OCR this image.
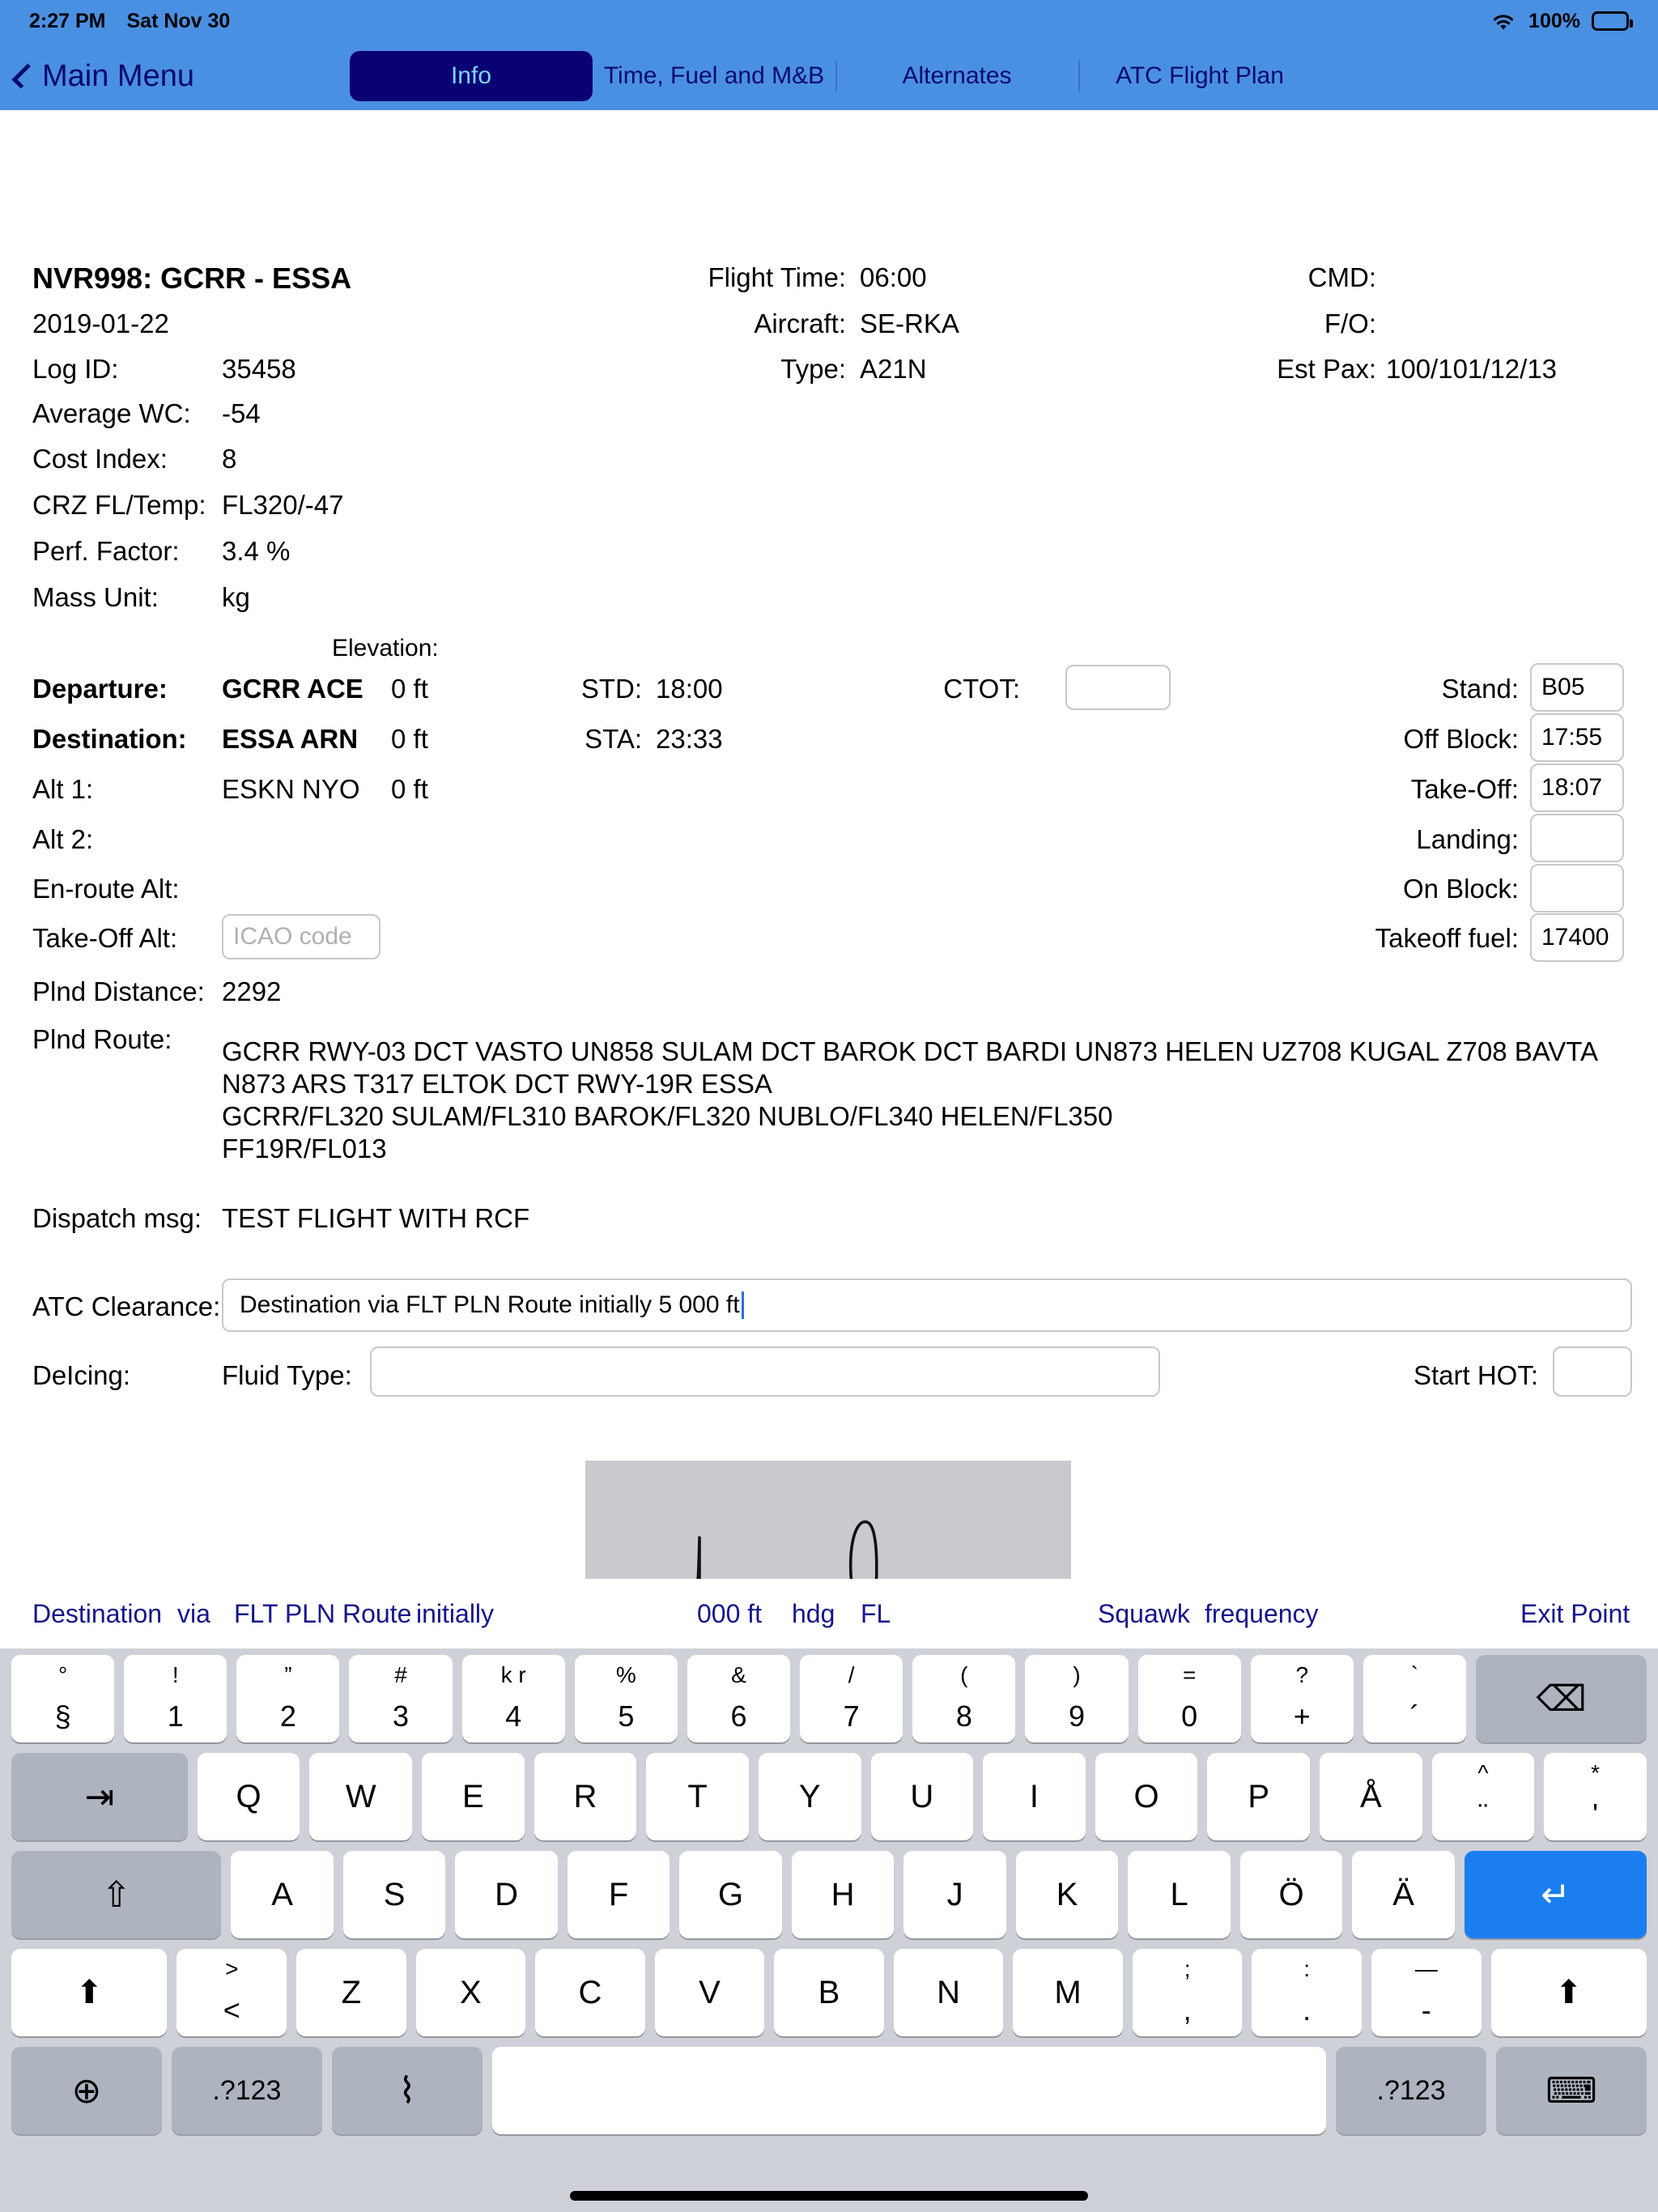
2:27 PM Sat Nov 30	100%
Main Menu	Info	Time, Fuel and M&B	Alternates	ATC Flight Plan
NVR998: GCRR - ESSA
2019-01-22
Log ID:	35458
Average WC: -54
Cost Index: 8
CRZ FL/Temp: FL320/-47
Perf. Factor: 3.4 %
Mass Unit: kg
Flight Time: 06:00
Aircraft: SE-RKA
Type: A21N
CMD:
F/O:
Est Pax: 100/101/12/13
Elevation:
Departure: GCRR ACE 0 ft
Destination: ESSA ARN 0 ft
Alt 1:	ESKN NYO 0 ft
Alt 2:
En-route Alt:
Take-Off Alt: ICAO code
STD: 18:00
STA: 23:33
CTOT:	Stand: B05
Off Block: 17:55
Take-Off: 18:07
Landing:
On Block:
Takeoff fuel: 17400
Plnd Distance: 2292
Plnd Route: GCRR RWY-03 DCT VASTO UN858 SULAM DCT BAROK DCT BARDI UN873 HELEN UZ708 KUGAL Z708 BAVTA
N873 ARS T317 ELTOK DCT RWY-19R ESSA
GCRR/FL320 SULAM/FL310 BAROK/FL320 NUBLO/FL340 HELEN/FL350
FF19R/FL013
Dispatch msg: TEST FLIGHT WITH RCF
ATC Clearance: Destination via FLT PLN Route initially 5 000 ft
DeIcing:	Fluid Type:	Start HOT:
Destination via FLT PLN Route initially	000 ft hdg FL	Squawk frequency	Exit Point
°
§
!
1
”
2
#
3
k r
4
%
5
&
6
/
7
(
8
)
9
=
0
?
+
`
´	⌫
⇥	Q	W	E	R	T	Y	U	I	O	P	Å
^
¨
*
'
⇧	A	S	D	F	G	H	J	K	L	Ö	Ä	↵
⬆
>
<	Z	X	C	V	B	N	M
;
,
:
.
—
-	⬆
⊕	.?123	⌇	.?123	⌨
